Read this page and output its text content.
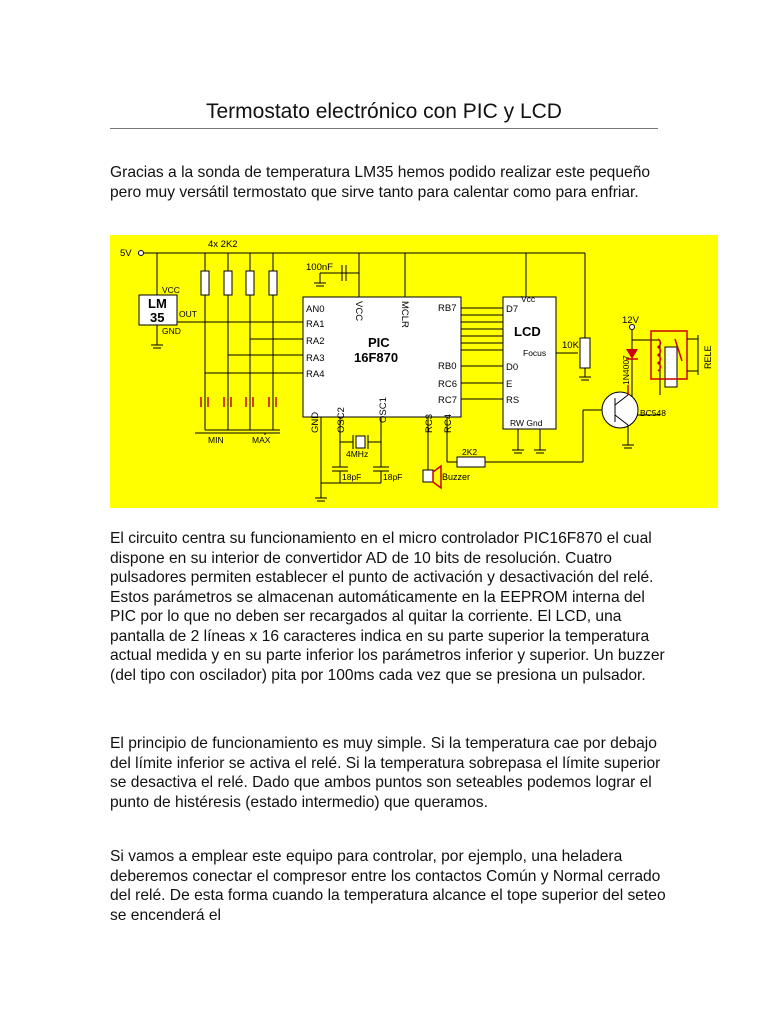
Termostato electrónico con PIC y LCD

Gracias a la sonda de temperatura LM35 hemos podido realizar este pequeño pero muy versátil termostato que sirve tanto para calentar como para enfriar.

5V
4x 2K2
100nF
VCC
LM
35 OUT
GND
PIC
16F870
AN0
RA1
RA2
RA3
RA4
VCC	MCLR	RB7
RB0
RC6
RC7
GND OSC2	OSC1
RC3 RC4
Vcc
D7
LCD
Focus
D0
E
RS
RW Gnd
10K
12V
1N4007
BC548
RELE
MIN	MAX
4MHz
18pF	18pF
2K2
Buzzer

El circuito centra su funcionamiento en el micro controlador PIC16F870 el cual dispone en su interior de convertidor AD de 10 bits de resolución. Cuatro pulsadores permiten establecer el punto de activación y desactivación del relé. Estos parámetros se almacenan automáticamente en la EEPROM interna del PIC por lo que no deben ser recargados al quitar la corriente. El LCD, una pantalla de 2 líneas x 16 caracteres indica en su parte superior la temperatura actual medida y en su parte inferior los parámetros inferior y superior. Un buzzer (del tipo con oscilador) pita por 100ms cada vez que se presiona un pulsador.

El principio de funcionamiento es muy simple. Si la temperatura cae por debajo del límite inferior se activa el relé. Si la temperatura sobrepasa el límite superior se desactiva el relé. Dado que ambos puntos son seteables podemos lograr el punto de histéresis (estado intermedio) que queramos.

Si vamos a emplear este equipo para controlar, por ejemplo, una heladera deberemos conectar el compresor entre los contactos Común y Normal cerrado del relé. De esta forma cuando la temperatura alcance el tope superior del seteo se encenderá el
